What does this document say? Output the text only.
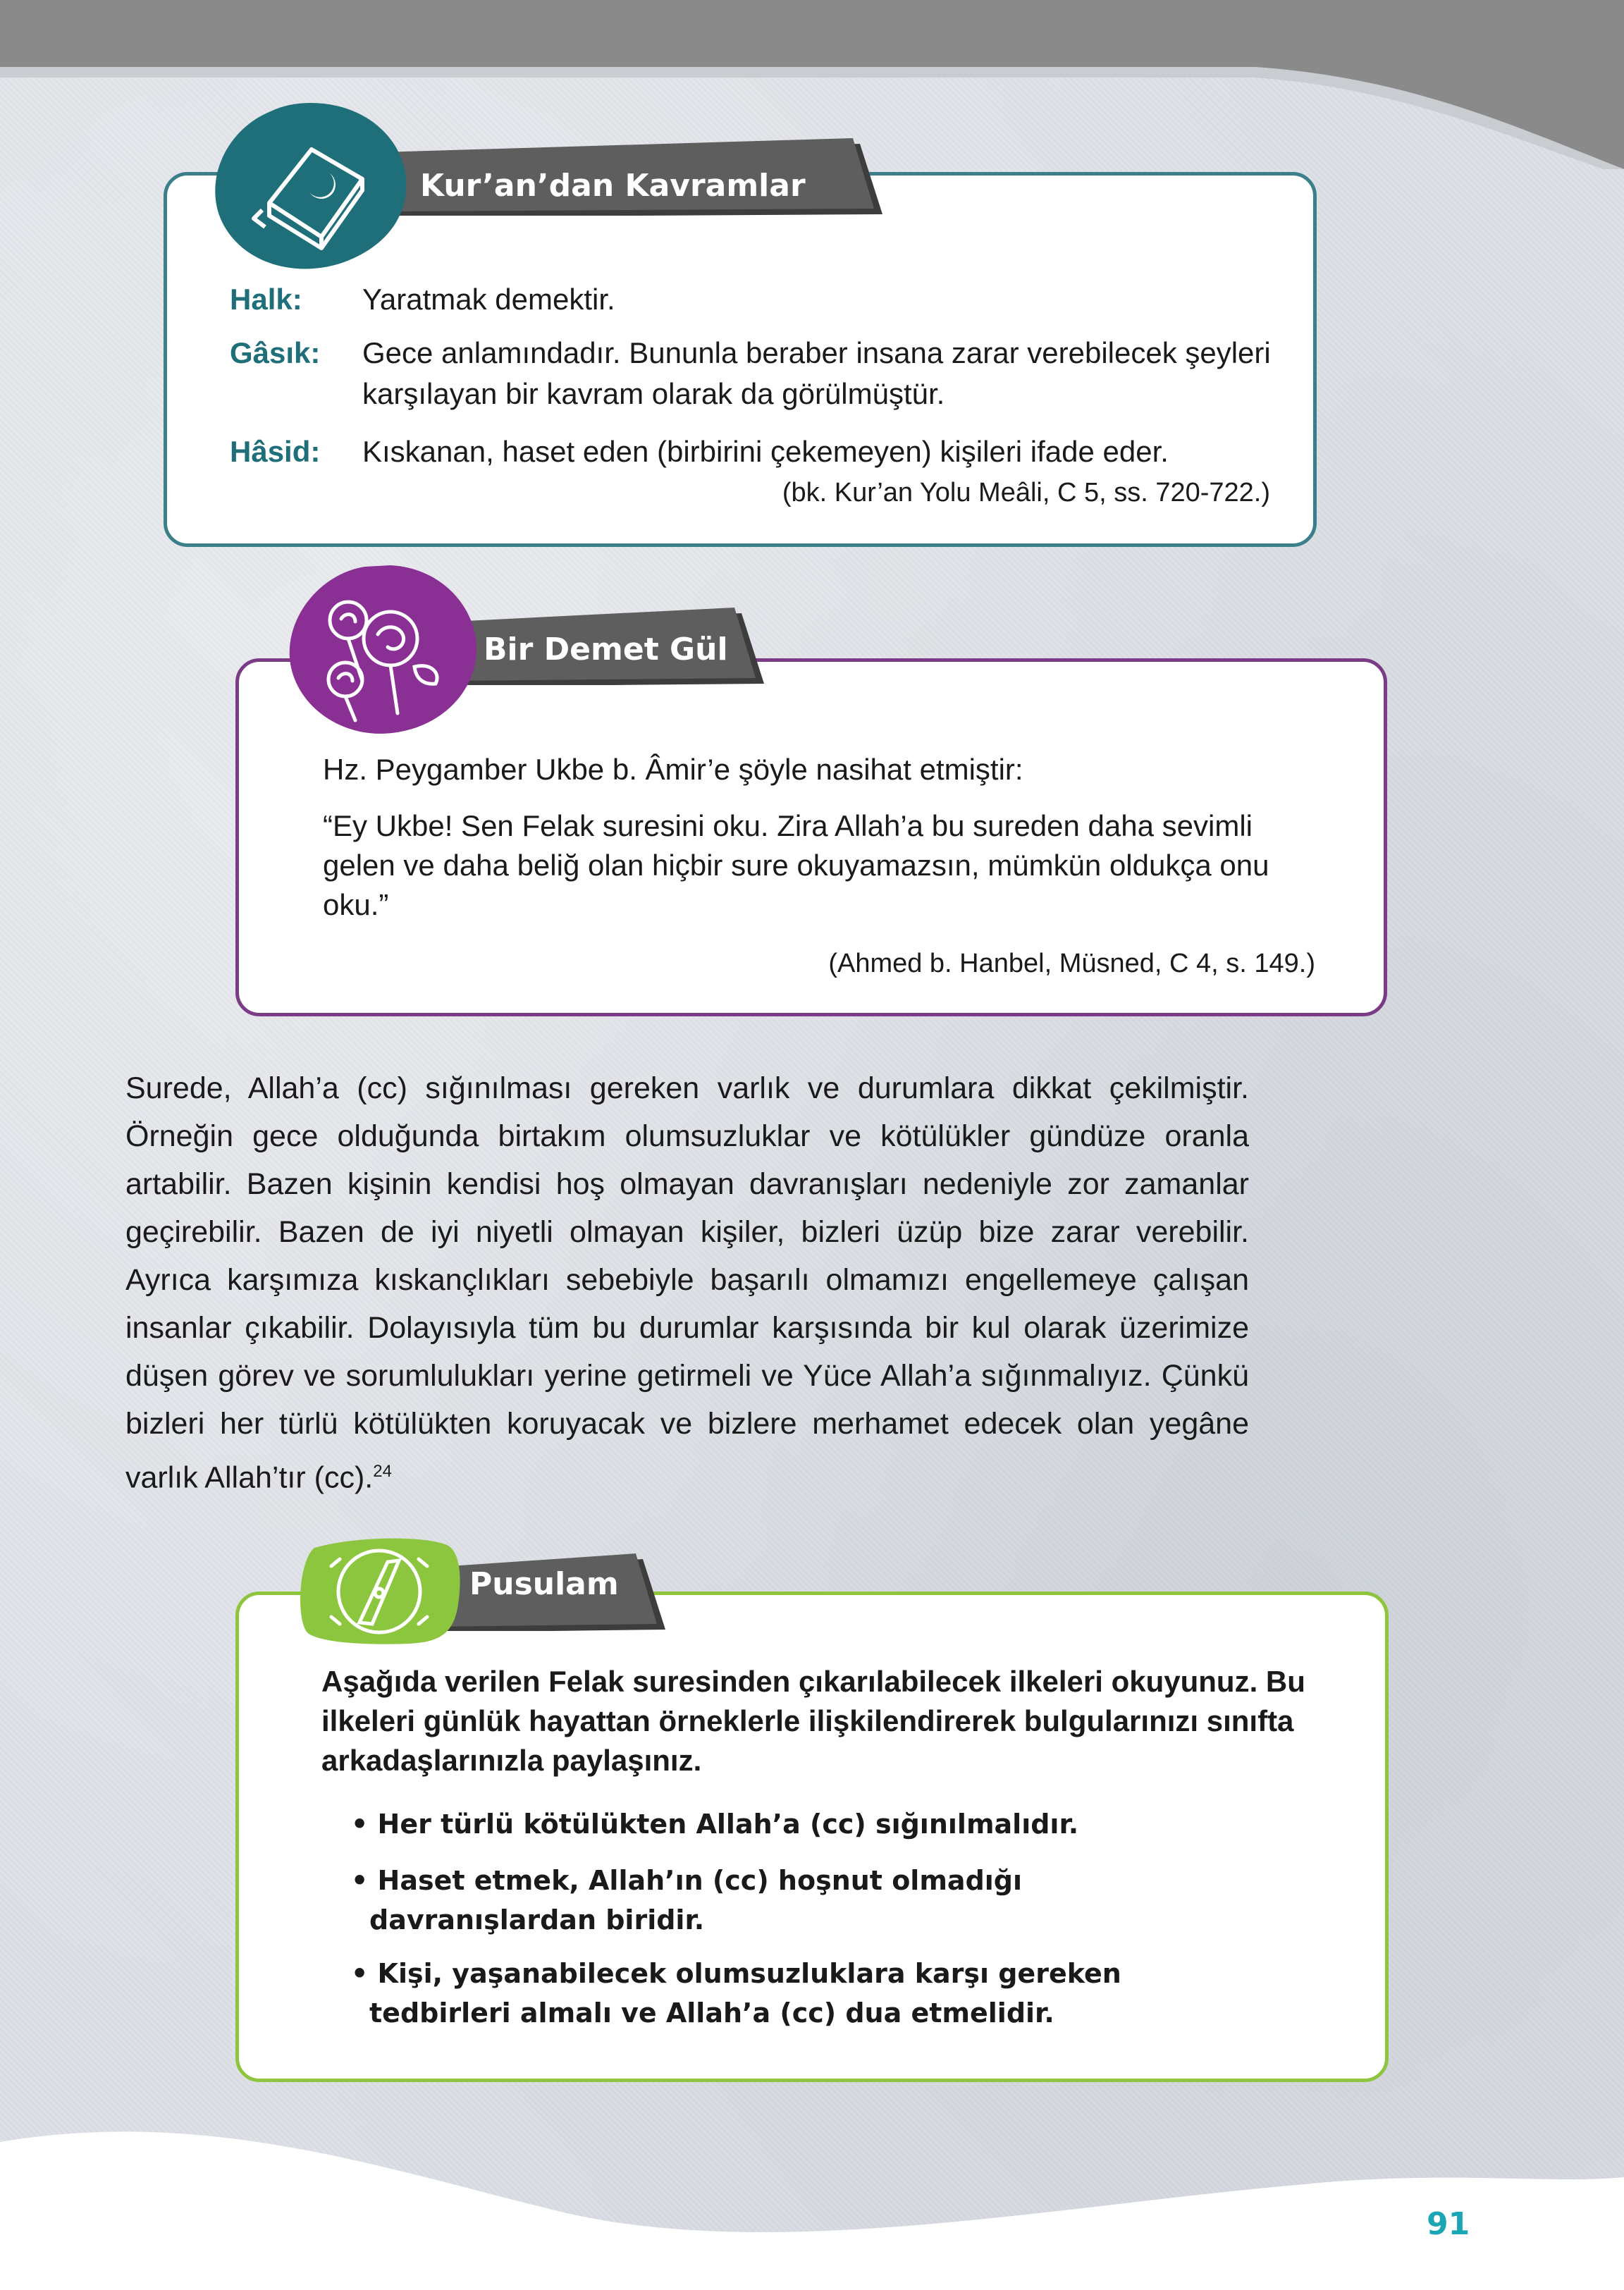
Kur’an’dan Kavramlar
Halk:	Yaratmak demektir.
Gâsık:	Gece anlamındadır. Bununla beraber insana zarar verebilecek şeyleri karşılayan bir kavram olarak da görülmüştür.
Hâsid:	Kıskanan, haset eden (birbirini çekemeyen) kişileri ifade eder.
(bk. Kur’an Yolu Meâli, C 5, ss. 720-722.)
Bir Demet Gül
Hz. Peygamber Ukbe b. Âmir’e şöyle nasihat etmiştir:
“Ey Ukbe! Sen Felak suresini oku. Zira Allah’a bu sureden daha sevimli gelen ve daha beliğ olan hiçbir sure okuyamazsın, mümkün oldukça onu oku.”
(Ahmed b. Hanbel, Müsned, C 4, s. 149.)

Surede, Allah’a (cc) sığınılması gereken varlık ve durumlara dikkat çekilmiştir. Örneğin gece olduğunda birtakım olumsuzluklar ve kötülükler gündüze oranla artabilir. Bazen kişinin kendisi hoş olmayan davranışları nedeniyle zor zamanlar geçirebilir. Bazen de iyi niyetli olmayan kişiler, bizleri üzüp bize zarar verebilir. Ayrıca karşımıza kıskançlıkları sebebiyle başarılı olmamızı engellemeye çalışan insanlar çıkabilir. Dolayısıyla tüm bu durumlar karşısında bir kul olarak üzerimize düşen görev ve sorumlulukları yerine getirmeli ve Yüce Allah’a sığınmalıyız. Çünkü bizleri her türlü kötülükten koruyacak ve bizlere merhamet edecek olan yegâne varlık Allah’tır (cc).$^{24}$

Pusulam
Aşağıda verilen Felak suresinden çıkarılabilecek ilkeleri okuyunuz. Bu ilkeleri günlük hayattan örneklerle ilişkilendirerek bulgularınızı sınıfta arkadaşlarınızla paylaşınız.
• Her türlü kötülükten Allah’a (cc) sığınılmalıdır.
• Haset etmek, Allah’ın (cc) hoşnut olmadığı davranışlardan biridir.
• Kişi, yaşanabilecek olumsuzluklara karşı gereken tedbirleri almalı ve Allah’a (cc) dua etmelidir.
91
